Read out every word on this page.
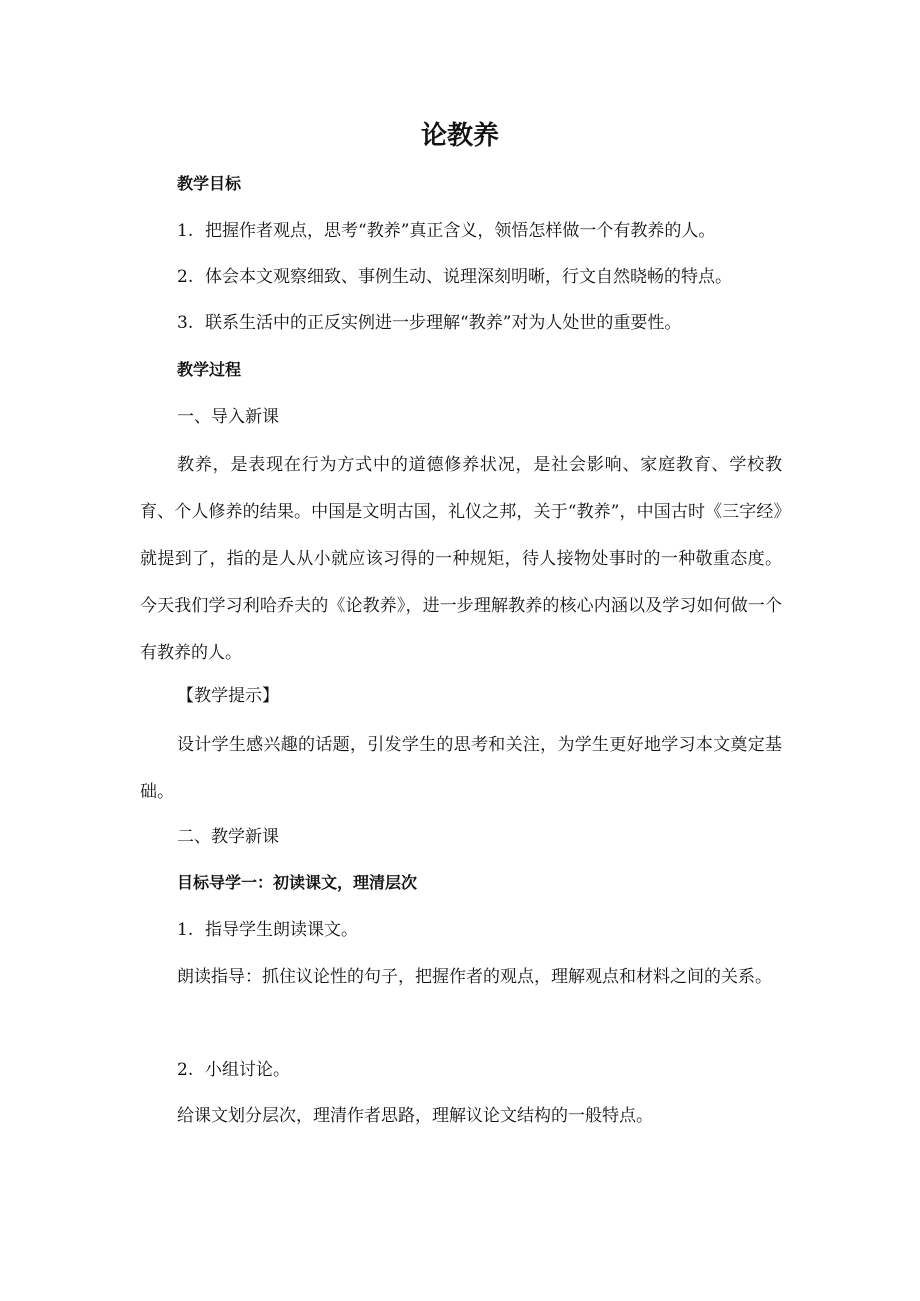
论教养
教学目标
1. 把握作者观点，思考“教养”真正含义，领悟怎样做一个有教养的人。
2. 体会本文观察细致、事例生动、说理深刻明晰，行文自然晓畅的特点。
3. 联系生活中的正反实例进一步理解“教养”对为人处世的重要性。
教学过程
一、导入新课

教养，是表现在行为方式中的道德修养状况，是社会影响、家庭教育、学校教育、个人修养的结果。中国是文明古国，礼仪之邦，关于“教养”，中国古时《三字经》就提到了，指的是人从小就应该习得的一种规矩，待人接物处事时的一种敬重态度。今天我们学习利哈乔夫的《论教养》，进一步理解教养的核心内涵以及学习如何做一个有教养的人。

【教学提示】

设计学生感兴趣的话题，引发学生的思考和关注，为学生更好地学习本文奠定基础。

二、教学新课
目标导学一：初读课文，理清层次
1. 指导学生朗读课文。

朗读指导：抓住议论性的句子，把握作者的观点，理解观点和材料之间的关系。

2. 小组讨论。
给课文划分层次，理清作者思路，理解议论文结构的一般特点。
